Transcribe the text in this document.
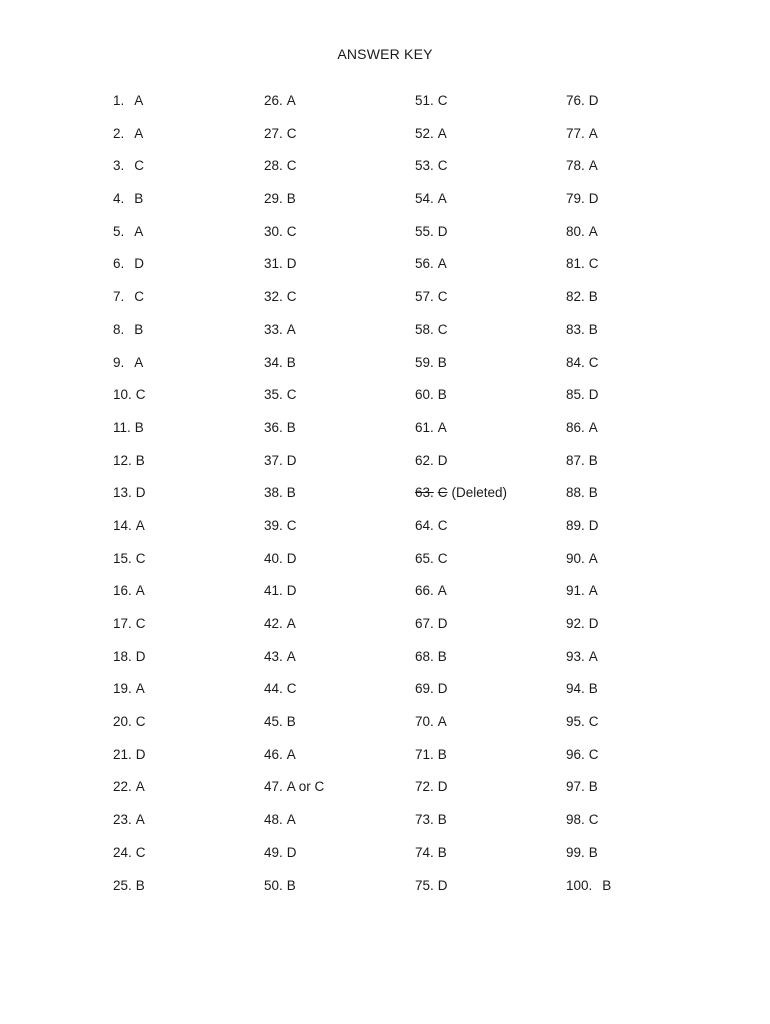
ANSWER KEY
1. A
2. A
3. C
4. B
5. A
6. D
7. C
8. B
9. A
10. C
11. B
12. B
13. D
14. A
15. C
16. A
17. C
18. D
19. A
20. C
21. D
22. A
23. A
24. C
25. B
26. A
27. C
28. C
29. B
30. C
31. D
32. C
33. A
34. B
35. C
36. B
37. D
38. B
39. C
40. D
41. D
42. A
43. A
44. C
45. B
46. A
47. A or C
48. A
49. D
50. B
51. C
52. A
53. C
54. A
55. D
56. A
57. C
58. C
59. B
60. B
61. A
62. D
63. C (Deleted)
64. C
65. C
66. A
67. D
68. B
69. D
70. A
71. B
72. D
73. B
74. B
75. D
76. D
77. A
78. A
79. D
80. A
81. C
82. B
83. B
84. C
85. D
86. A
87. B
88. B
89. D
90. A
91. A
92. D
93. A
94. B
95. C
96. C
97. B
98. C
99. B
100. B
